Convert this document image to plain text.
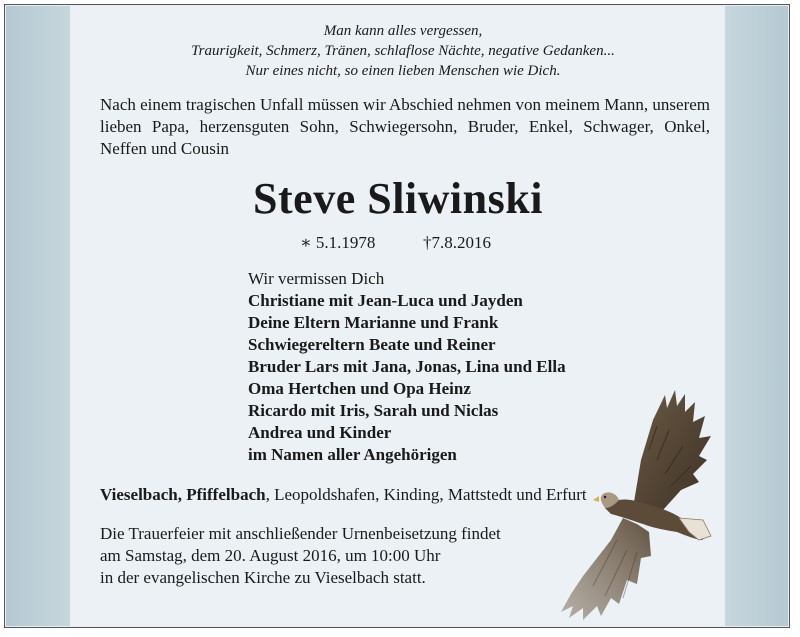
Man kann alles vergessen,
Traurigkeit, Schmerz, Tränen, schlaflose Nächte, negative Gedanken...
Nur eines nicht, so einen lieben Menschen wie Dich.
Nach einem tragischen Unfall müssen wir Abschied nehmen von meinem Mann, unserem lieben Papa, herzensguten Sohn, Schwiegersohn, Bruder, Enkel, Schwager, Onkel, Neffen und Cousin
Steve Sliwinski
∗ 5.1.1978	†7.8.2016
Wir vermissen Dich
Christiane mit Jean-Luca und Jayden
Deine Eltern Marianne und Frank
Schwiegereltern Beate und Reiner
Bruder Lars mit Jana, Jonas, Lina und Ella
Oma Hertchen und Opa Heinz
Ricardo mit Iris, Sarah und Niclas
Andrea und Kinder
im Namen aller Angehörigen
Vieselbach, Pfiffelbach, Leopoldshafen, Kinding, Mattstedt und Erfurt
Die Trauerfeier mit anschließender Urnenbeisetzung findet
am Samstag, dem 20. August 2016, um 10:00 Uhr
in der evangelischen Kirche zu Vieselbach statt.
